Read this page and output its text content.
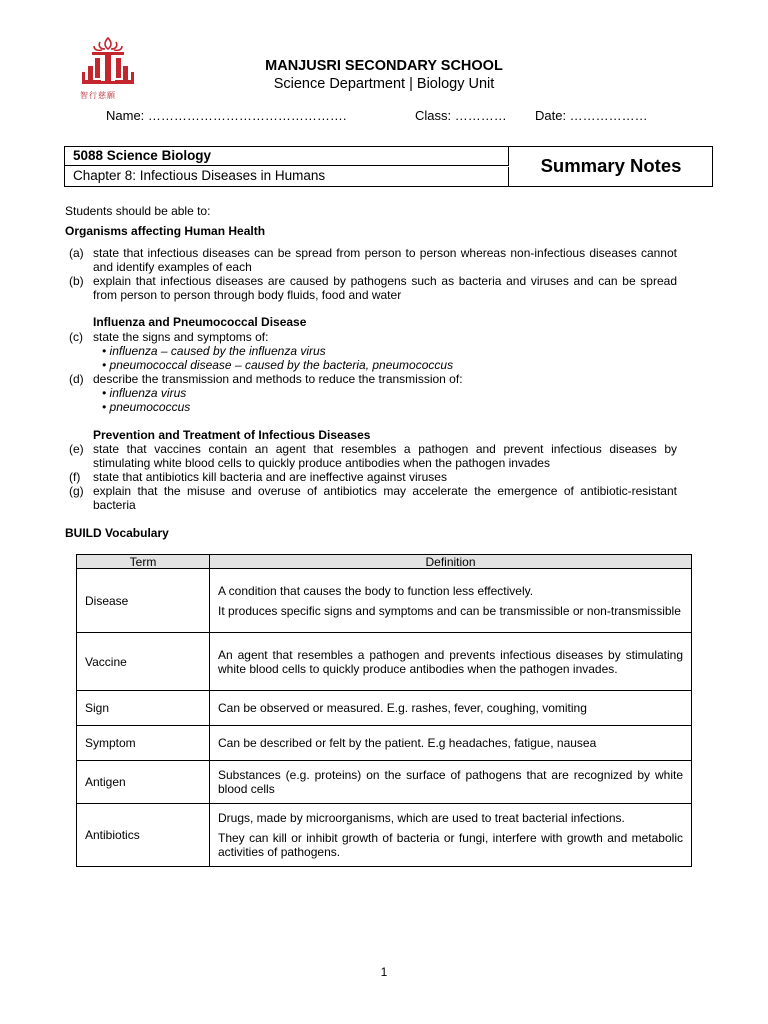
智行慈願
MANJUSRI SECONDARY SCHOOL
Science Department | Biology Unit
Name: ……………………………………….	Class: ………… Date: ………………
5088 Science Biology
Chapter 8: Infectious Diseases in Humans	Summary Notes
Students should be able to:
Organisms affecting Human Health
(a) state that infectious diseases can be spread from person to person whereas non-infectious diseases cannot and identify examples of each
(b) explain that infectious diseases are caused by pathogens such as bacteria and viruses and can be spread from person to person through body fluids, food and water
Influenza and Pneumococcal Disease
(c) state the signs and symptoms of:
• influenza – caused by the influenza virus
• pneumococcal disease – caused by the bacteria, pneumococcus
(d) describe the transmission and methods to reduce the transmission of:
• influenza virus
• pneumococcus
Prevention and Treatment of Infectious Diseases
(e) state that vaccines contain an agent that resembles a pathogen and prevent infectious diseases by stimulating white blood cells to quickly produce antibodies when the pathogen invades
(f) state that antibiotics kill bacteria and are ineffective against viruses
(g) explain that the misuse and overuse of antibiotics may accelerate the emergence of antibiotic-resistant bacteria
BUILD Vocabulary
Term	Definition
Disease	A condition that causes the body to function less effectively.

It produces specific signs and symptoms and can be transmissible or non-transmissible

Vaccine	An agent that resembles a pathogen and prevents infectious diseases by stimulating white blood cells to quickly produce antibodies when the pathogen invades.

Sign	Can be observed or measured. E.g. rashes, fever, coughing, vomiting

Symptom	Can be described or felt by the patient. E.g headaches, fatigue, nausea

Antigen	Substances (e.g. proteins) on the surface of pathogens that are recognized by white blood cells

Antibiotics	Drugs, made by microorganisms, which are used to treat bacterial infections.

They can kill or inhibit growth of bacteria or fungi, interfere with growth and metabolic activities of pathogens.

1
